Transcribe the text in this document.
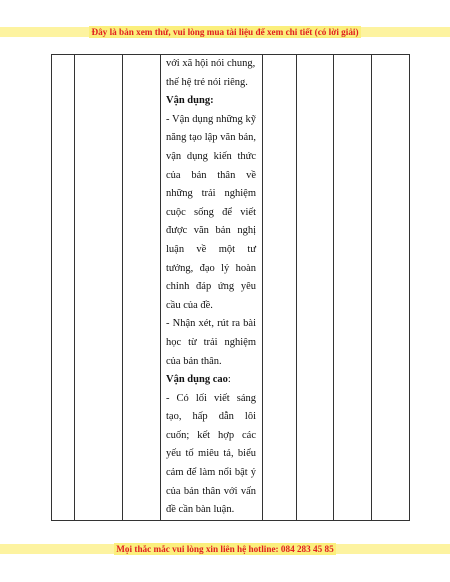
Đây là bản xem thử, vui lòng mua tài liệu để xem chi tiết (có lời giải)

với xã hội nói chung,

thế hệ trẻ nói riêng.

Vận dụng:

- Vận dụng những kỹ năng tạo lập văn bản, vận dụng kiến thức của bản thân về những trải nghiệm cuộc sống để viết được văn bản nghị luận về một tư tưởng, đạo lý hoàn chỉnh đáp ứng yêu cầu của đề.

- Nhận xét, rút ra bài học từ trải nghiệm của bản thân.

Vận dụng cao:

- Có lối viết sáng tạo, hấp dẫn lôi cuốn; kết hợp các yếu tố miêu tả, biểu cảm để làm nổi bật ý của bản thân với vấn đề cần bàn luận.

Mọi thắc mắc vui lòng xin liên hệ hotline: 084 283 45 85
